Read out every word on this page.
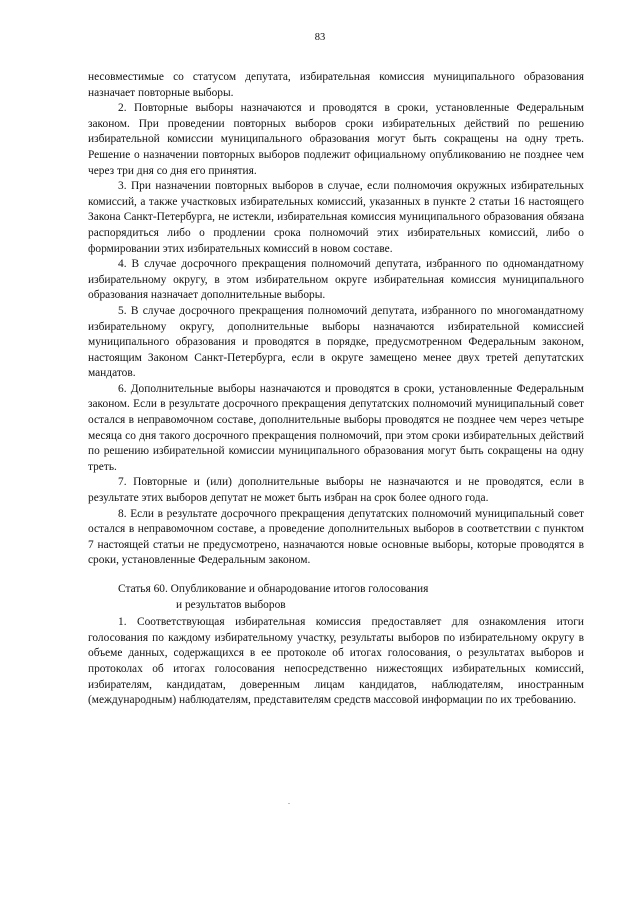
83

несовместимые со статусом депутата, избирательная комиссия муниципального образования назначает повторные выборы.

2. Повторные выборы назначаются и проводятся в сроки, установленные Федеральным законом. При проведении повторных выборов сроки избирательных действий по решению избирательной комиссии муниципального образования могут быть сокращены на одну треть. Решение о назначении повторных выборов подлежит официальному опубликованию не позднее чем через три дня со дня его принятия.

3. При назначении повторных выборов в случае, если полномочия окружных избирательных комиссий, а также участковых избирательных комиссий, указанных в пункте 2 статьи 16 настоящего Закона Санкт-Петербурга, не истекли, избирательная комиссия муниципального образования обязана распорядиться либо о продлении срока полномочий этих избирательных комиссий, либо о формировании этих избирательных комиссий в новом составе.

4. В случае досрочного прекращения полномочий депутата, избранного по одномандатному избирательному округу, в этом избирательном округе избирательная комиссия муниципального образования назначает дополнительные выборы.

5. В случае досрочного прекращения полномочий депутата, избранного по многомандатному избирательному округу, дополнительные выборы назначаются избирательной комиссией муниципального образования и проводятся в порядке, предусмотренном Федеральным законом, настоящим Законом Санкт-Петербурга, если в округе замещено менее двух третей депутатских мандатов.

6. Дополнительные выборы назначаются и проводятся в сроки, установленные Федеральным законом. Если в результате досрочного прекращения депутатских полномочий муниципальный совет остался в неправомочном составе, дополнительные выборы проводятся не позднее чем через четыре месяца со дня такого досрочного прекращения полномочий, при этом сроки избирательных действий по решению избирательной комиссии муниципального образования могут быть сокращены на одну треть.

7. Повторные и (или) дополнительные выборы не назначаются и не проводятся, если в результате этих выборов депутат не может быть избран на срок более одного года.

8. Если в результате досрочного прекращения депутатских полномочий муниципальный совет остался в неправомочном составе, а проведение дополнительных выборов в соответствии с пунктом 7 настоящей статьи не предусмотрено, назначаются новые основные выборы, которые проводятся в сроки, установленные Федеральным законом.

Статья 60. Опубликование и обнародование итогов голосования
и результатов выборов

1. Соответствующая избирательная комиссия предоставляет для ознакомления итоги голосования по каждому избирательному участку, результаты выборов по избирательному округу в объеме данных, содержащихся в ее протоколе об итогах голосования, о результатах выборов и протоколах об итогах голосования непосредственно нижестоящих избирательных комиссий, избирателям, кандидатам, доверенным лицам кандидатов, наблюдателям, иностранным (международным) наблюдателям, представителям средств массовой информации по их требованию.

.
